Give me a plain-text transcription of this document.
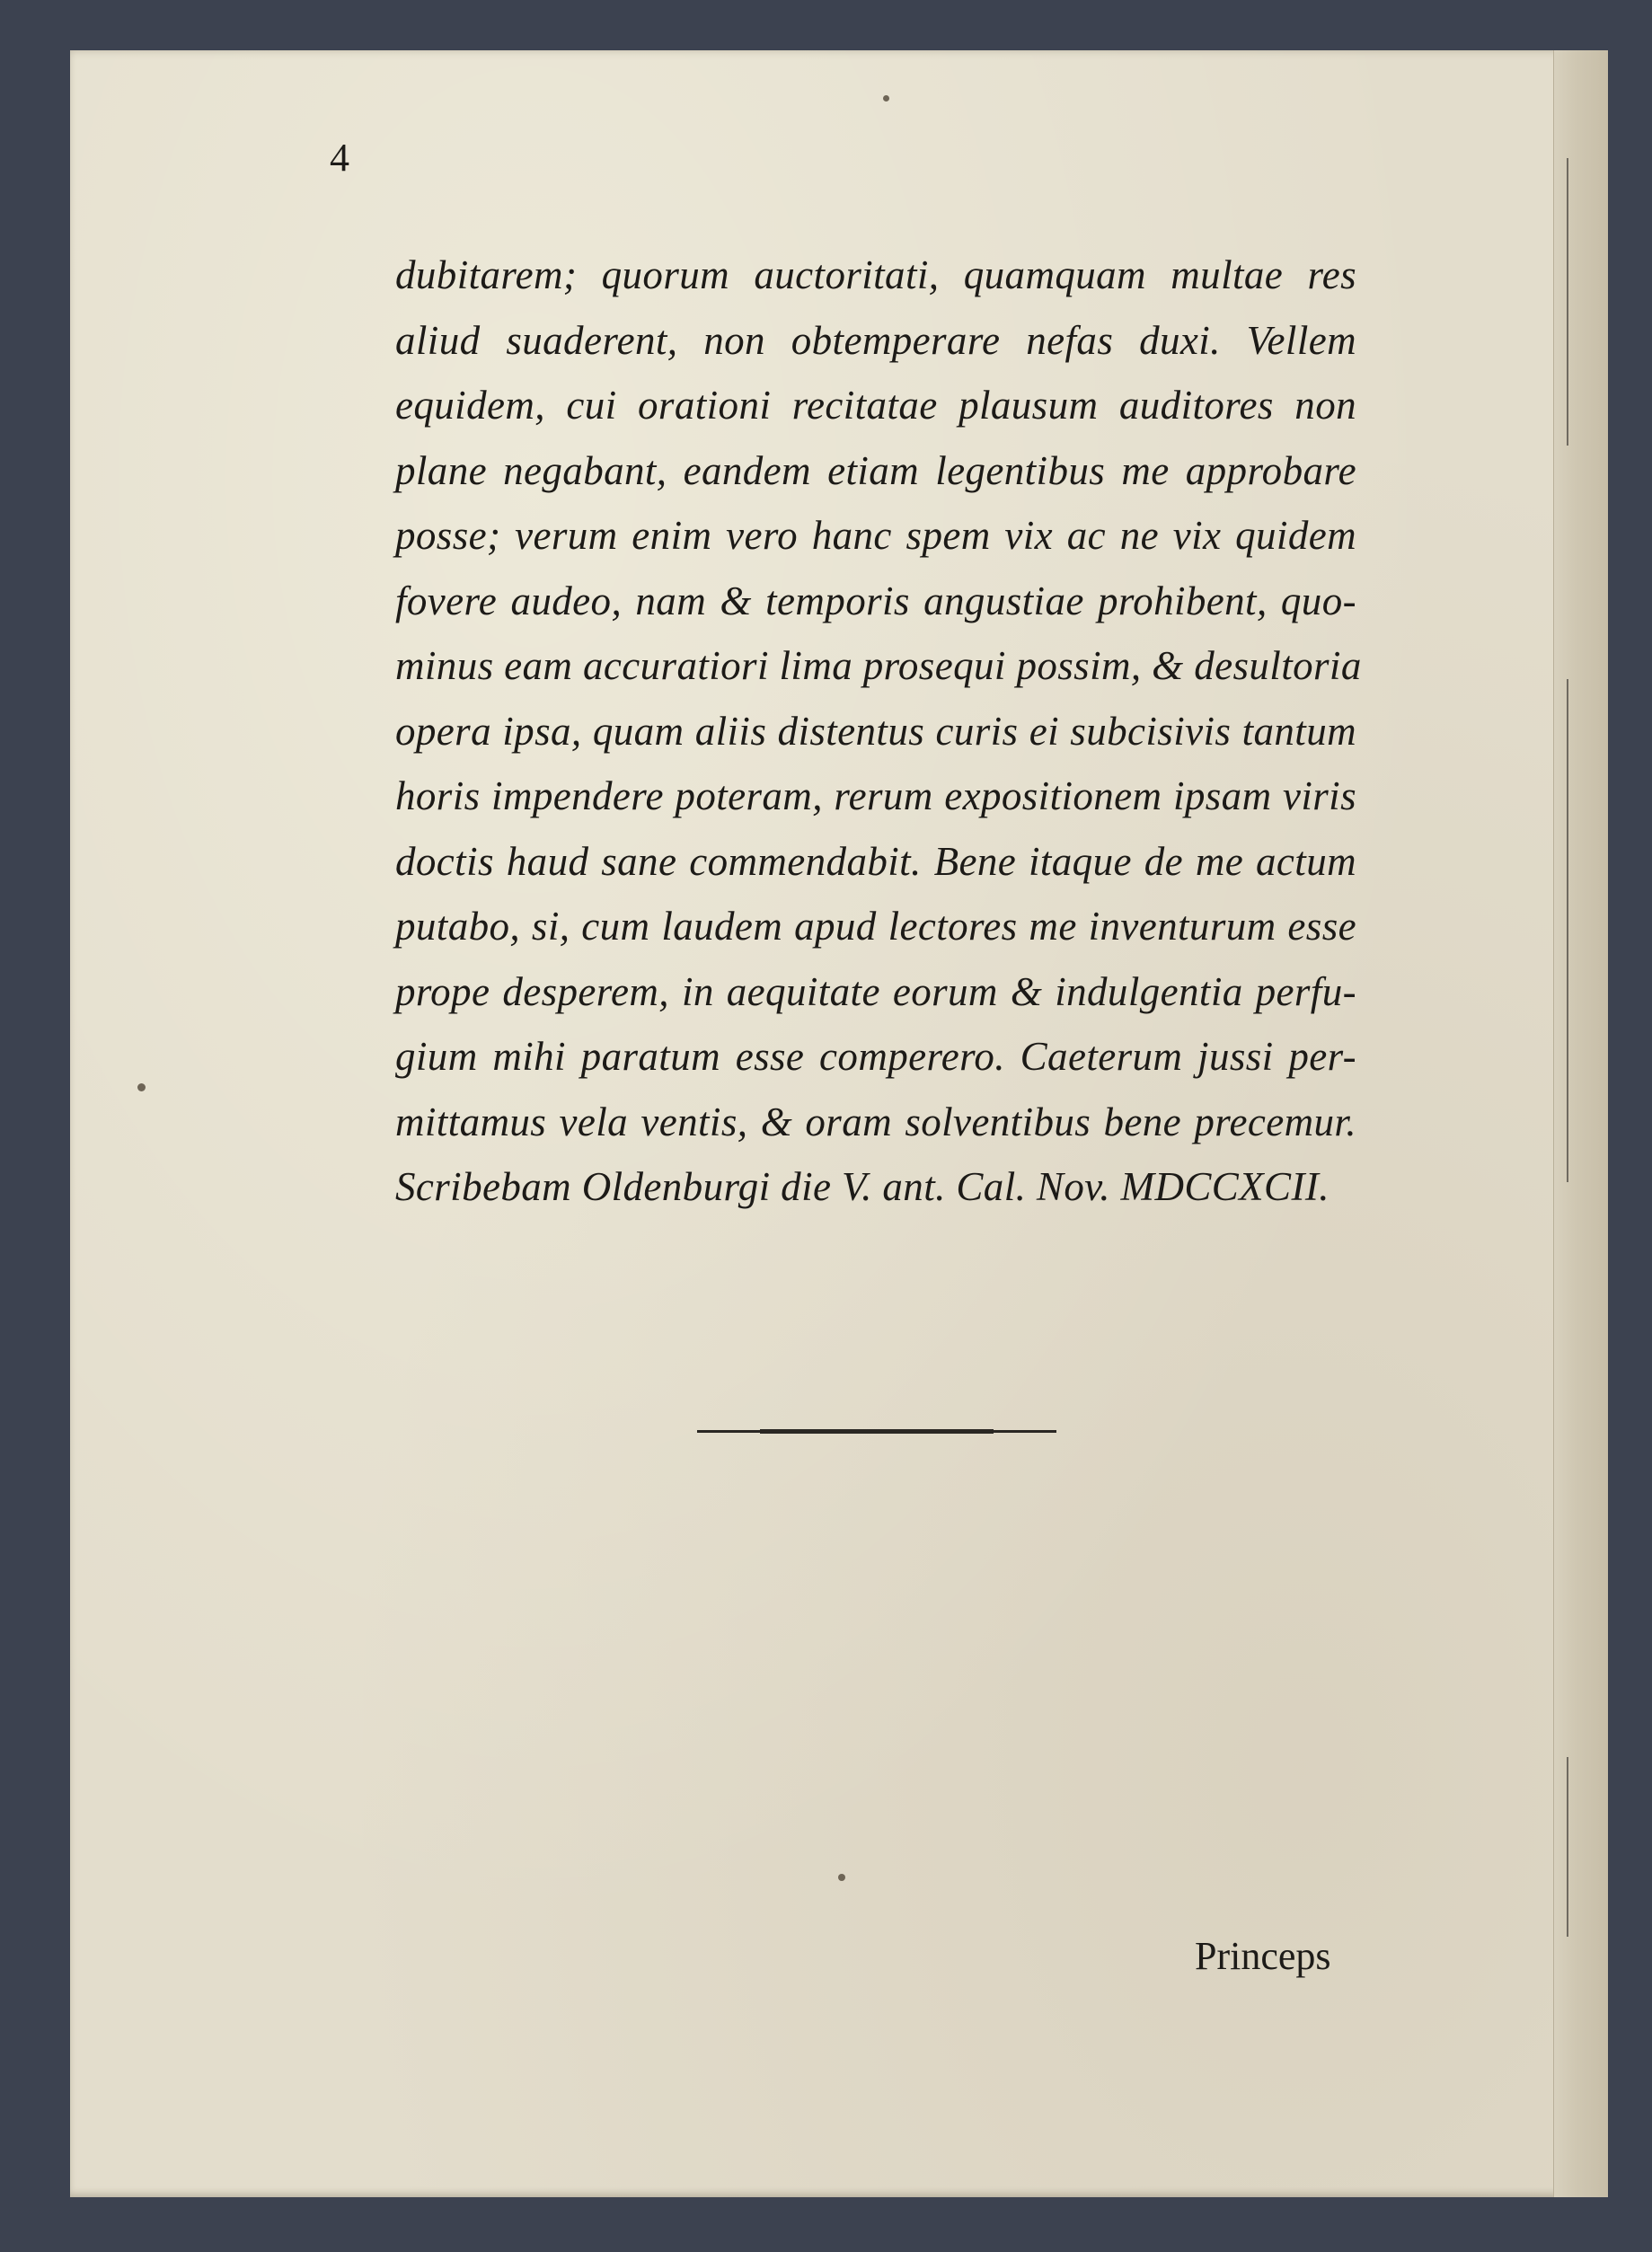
4
dubitarem; quorum auctoritati, quamquam multae res
aliud suaderent, non obtemperare nefas duxi. Vellem
equidem, cui orationi recitatae plausum auditores non
plane negabant, eandem etiam legentibus me approbare
posse; verum enim vero hanc spem vix ac ne vix quidem
fovere audeo, nam & temporis angustiae prohibent, quo-
minus eam accuratiori lima prosequi possim, & desultoria
opera ipsa, quam aliis distentus curis ei subcisivis tantum
horis impendere poteram, rerum expositionem ipsam viris
doctis haud sane commendabit. Bene itaque de me actum
putabo, si, cum laudem apud lectores me inventurum esse
prope desperem, in aequitate eorum & indulgentia perfu-
gium mihi paratum esse comperero. Caeterum jussi per-
mittamus vela ventis, & oram solventibus bene precemur.
Scribebam Oldenburgi die V. ant. Cal. Nov. MDCCXCII.
Princeps
